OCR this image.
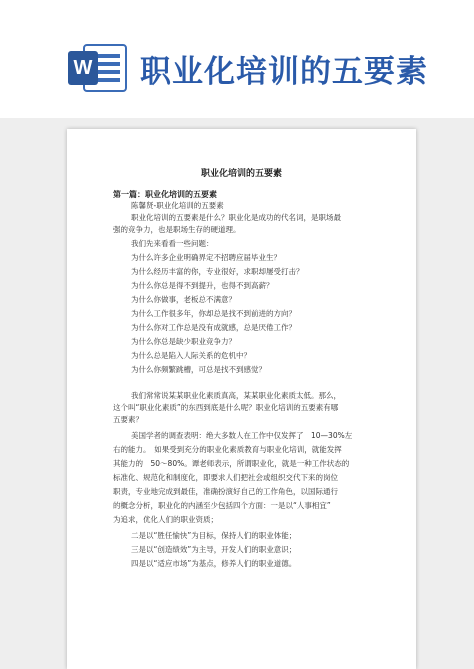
W 职业化培训的五要素
职业化培训的五要素
第一篇：职业化培训的五要素
陈馨贤-职业化培训的五要素
职业化培训的五要素是什么？职业化是成功的代名词，是职场最
强的竞争力，也是职场生存的硬道理。
我们先来看看一些问题：
为什么许多企业明确界定不招聘应届毕业生？
为什么经历丰富的你，专业很好，求职却屡受打击？
为什么你总是得不到提升，也得不到高薪？
为什么你做事，老板总不满意？
为什么工作很多年，你却总是找不到前进的方向？
为什么你对工作总是没有成就感，总是厌倦工作？
为什么你总是缺少职业竞争力？
为什么总是陷入人际关系的危机中？
为什么你频繁跳槽，可总是找不到感觉？
我们常常说某某职业化素质真高，某某职业化素质太低。那么，
这个叫“职业化素质”的东西到底是什么呢？职业化培训的五要素有哪
五要素？
美国学者的调查表明：绝大多数人在工作中仅发挥了　10—30%左
右的能力。　如果受到充分的职业化素质教育与职业化培训，就能发挥
其能力的　50～80%。谭老师表示，所谓职业化，就是一种工作状态的
标准化、规范化和制度化，即要求人们把社会或组织交代下来的岗位
职责，专业地完成到最佳，准确扮演好自己的工作角色，以国际通行
的概念分析，职业化的内涵至少包括四个方面：一是以“人事相宜”
为追求，优化人们的职业资质；
二是以“胜任愉快”为目标，保持人们的职业体能；
三是以“创造绩效”为主导，开发人们的职业意识；
四是以“适应市场”为基点，修养人们的职业道德。
